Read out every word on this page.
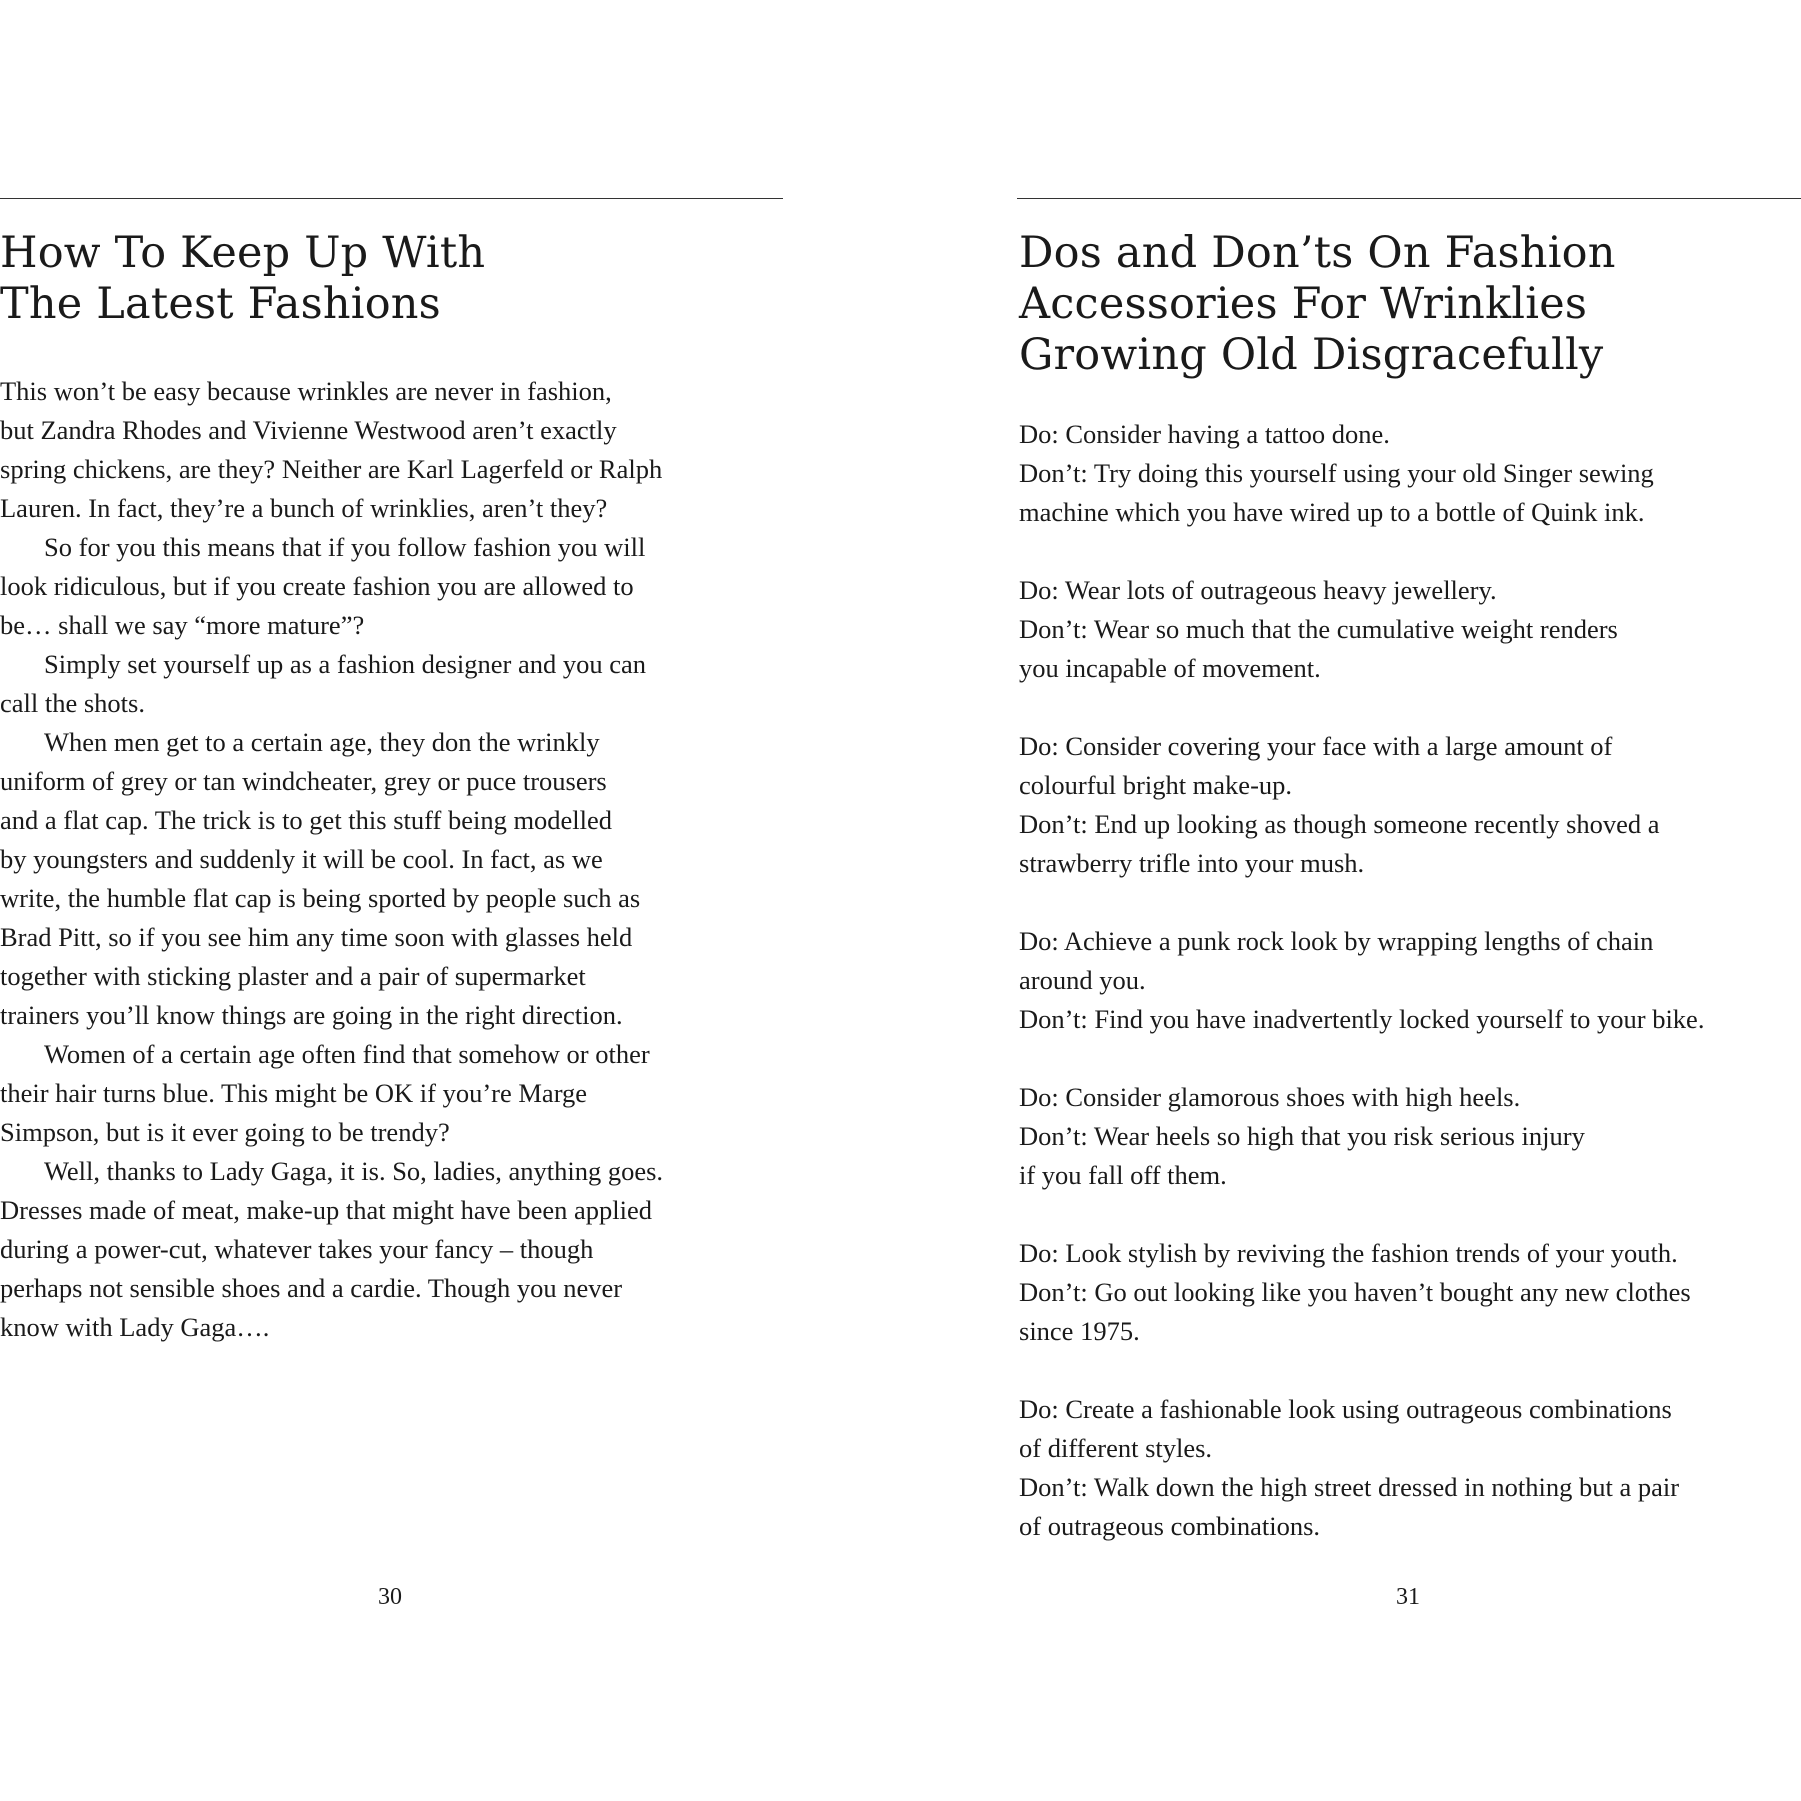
How To Keep Up With
The Latest Fashions
This won’t be easy because wrinkles are never in fashion,
but Zandra Rhodes and Vivienne Westwood aren’t exactly
spring chickens, are they? Neither are Karl Lagerfeld or Ralph
Lauren. In fact, they’re a bunch of wrinklies, aren’t they?
So for you this means that if you follow fashion you will
look ridiculous, but if you create fashion you are allowed to
be… shall we say “more mature”?
Simply set yourself up as a fashion designer and you can
call the shots.
When men get to a certain age, they don the wrinkly
uniform of grey or tan windcheater, grey or puce trousers
and a flat cap. The trick is to get this stuff being modelled
by youngsters and suddenly it will be cool. In fact, as we
write, the humble flat cap is being sported by people such as
Brad Pitt, so if you see him any time soon with glasses held
together with sticking plaster and a pair of supermarket
trainers you’ll know things are going in the right direction.
Women of a certain age often find that somehow or other
their hair turns blue. This might be OK if you’re Marge
Simpson, but is it ever going to be trendy?
Well, thanks to Lady Gaga, it is. So, ladies, anything goes.
Dresses made of meat, make-up that might have been applied
during a power-cut, whatever takes your fancy – though
perhaps not sensible shoes and a cardie. Though you never
know with Lady Gaga….
30
Dos and Don’ts On Fashion
Accessories For Wrinklies
Growing Old Disgracefully
Do: Consider having a tattoo done.
Don’t: Try doing this yourself using your old Singer sewing
machine which you have wired up to a bottle of Quink ink.
Do: Wear lots of outrageous heavy jewellery.
Don’t: Wear so much that the cumulative weight renders
you incapable of movement.
Do: Consider covering your face with a large amount of
colourful bright make-up.
Don’t: End up looking as though someone recently shoved a
strawberry trifle into your mush.
Do: Achieve a punk rock look by wrapping lengths of chain
around you.
Don’t: Find you have inadvertently locked yourself to your bike.
Do: Consider glamorous shoes with high heels.
Don’t: Wear heels so high that you risk serious injury
if you fall off them.
Do: Look stylish by reviving the fashion trends of your youth.
Don’t: Go out looking like you haven’t bought any new clothes
since 1975.
Do: Create a fashionable look using outrageous combinations
of different styles.
Don’t: Walk down the high street dressed in nothing but a pair
of outrageous combinations.
31
